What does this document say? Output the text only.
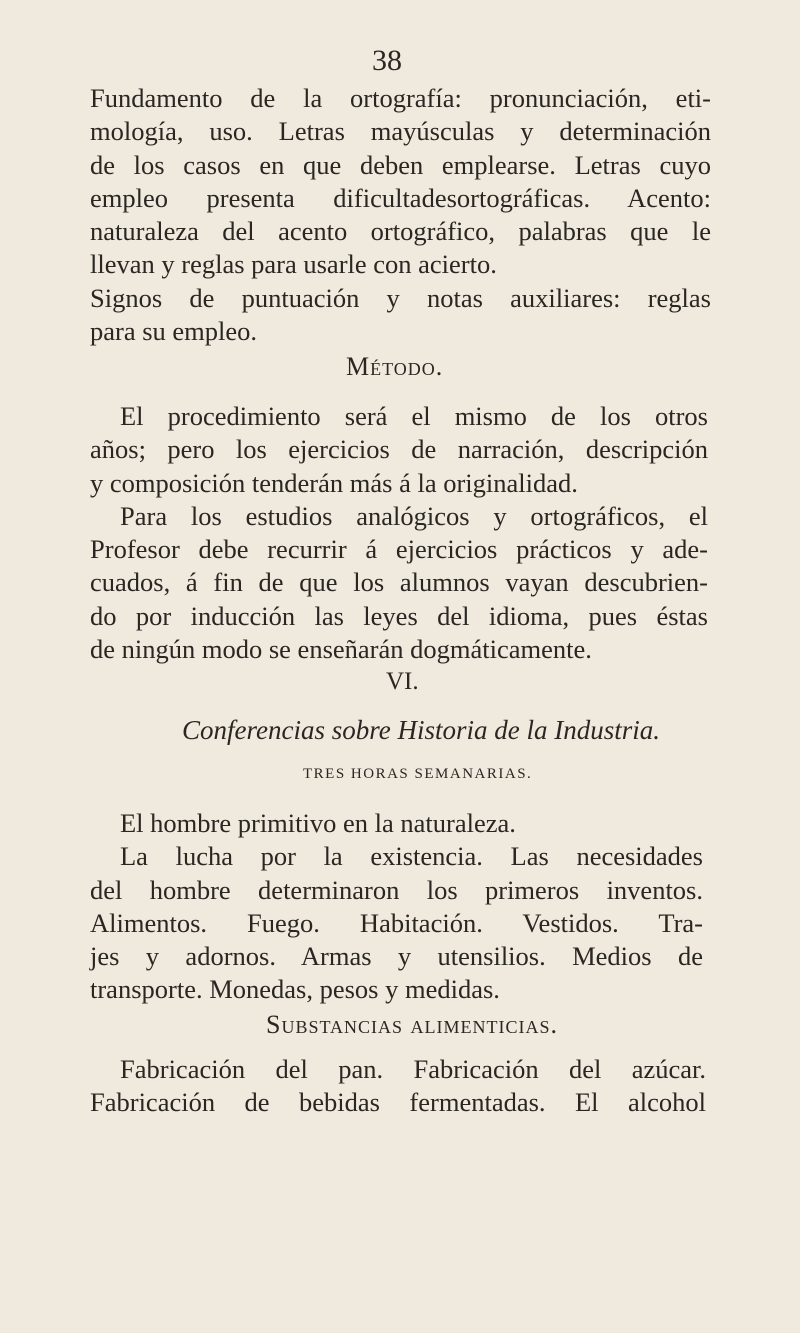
38
Fundamento de la ortografía: pronunciación, eti-
mología, uso. Letras mayúsculas y determinación
de los casos en que deben emplearse. Letras cuyo
empleo presenta dificultadesortográficas. Acento:
naturaleza del acento ortográfico, palabras que le
llevan y reglas para usarle con acierto.
Signos de puntuación y notas auxiliares: reglas
para su empleo.
Método.
El procedimiento será el mismo de los otros
años; pero los ejercicios de narración, descripción
y composición tenderán más á la originalidad.
Para los estudios analógicos y ortográficos, el
Profesor debe recurrir á ejercicios prácticos y ade-
cuados, á fin de que los alumnos vayan descubrien-
do por inducción las leyes del idioma, pues éstas
de ningún modo se enseñarán dogmáticamente.
VI.
Conferencias sobre Historia de la Industria.
TRES HORAS SEMANARIAS.
El hombre primitivo en la naturaleza.
La lucha por la existencia. Las necesidades
del hombre determinaron los primeros inventos.
Alimentos. Fuego. Habitación. Vestidos. Tra-
jes y adornos. Armas y utensilios. Medios de
transporte. Monedas, pesos y medidas.
Substancias alimenticias.
Fabricación del pan. Fabricación del azúcar.
Fabricación de bebidas fermentadas. El alcohol
